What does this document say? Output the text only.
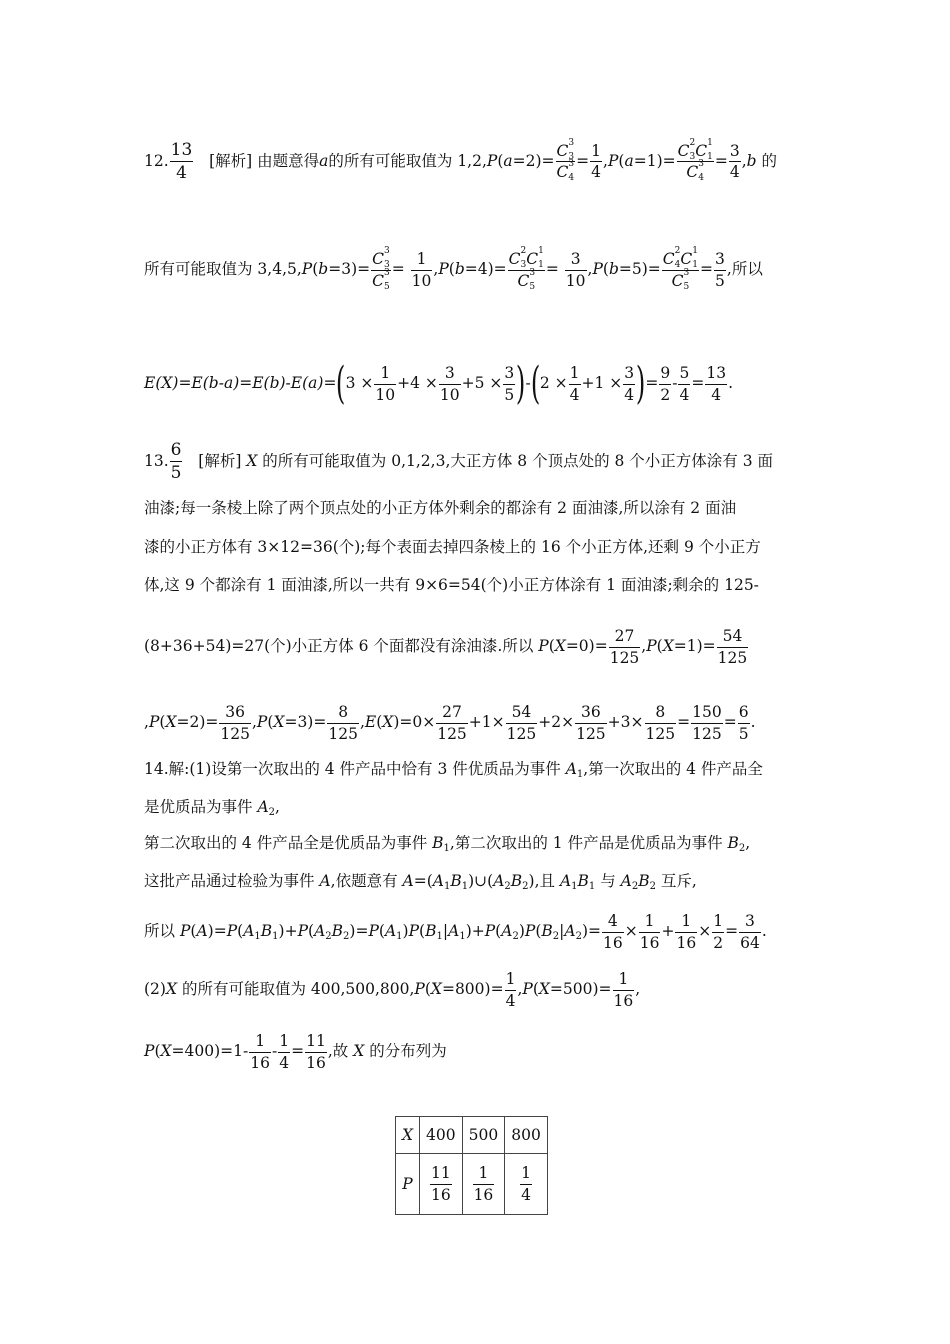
12. $\frac{13}{4}$ [解析] 由题意得a的所有可能取值为 1,2,P(a=2)= C 3
3
C 3
$4 = \frac{1}{4} ,P(a=1)= C$ 2
3 C 1
1
C 3
$4 = \frac{3}{4} ,b$ 的
所有可能取值为 3,4,5,P(b=3)= C 3
3
C 3
$5 = \frac{1}{10} ,P(b=4)= C$ 2
3 C 1
1
C 3
$5 = \frac{3}{10} ,P(b=5)= C$ 2
4 C 1
1
C 3
$5 = \frac{3}{5}$ ,所以
$E(X)=E(b-a)=E(b)-E(a)=(3 \times \frac{1}{10} +4 \times \frac{3}{10} +5 \times \frac{3}{5} )-(2 \times \frac{1}{4} +1 \times \frac{3}{4}$ )= $\frac{9}{2} - \frac{5}{4} = \frac{13}{4}$ .
13. $\frac{6}{5}$ [解析] X 的所有可能取值为 0,1,2,3,大正方体 8 个顶点处的 8 个小正方体涂有 3 面
油漆;每一条棱上除了两个顶点处的小正方体外剩余的都涂有 2 面油漆,所以涂有 2 面油
漆的小正方体有 3×12=36(个);每个表面去掉四条棱上的 16 个小正方体,还剩 9 个小正方
体,这 9 个都涂有 1 面油漆,所以一共有 9×6=54(个)小正方体涂有 1 面油漆;剩余的 125-
(8+36+54)=27(个)小正方体 6 个面都没有涂油漆.所以 $P(X=0)= \frac{27}{125} ,P(X=1)= \frac{54}{125}$
$,P(X=2)= \frac{36}{125} ,P(X=3)= \frac{8}{125} ,E(X)=0\times \frac{27}{125} +1\times \frac{54}{125} +2\times \frac{36}{125} +3\times \frac{8}{125} = \frac{150}{125} = \frac{6}{5}$ .
14.解:(1)设第一次取出的 4 件产品中恰有 3 件优质品为事件 $A_1$,第一次取出的 4 件产品全
是优质品为事件 $A_2$,
第二次取出的 4 件产品全是优质品为事件 $B_1$,第二次取出的 1 件产品是优质品为事件 $B_2$,
这批产品通过检验为事件 A,依题意有 $A=(A_1B_1)\cup(A_2B_2)$,且 $A_1B_1$ 与 $A_2B_2$ 互斥,
所以 $P(A)=P(A_1B_1)+P(A_2B_2)=P(A_1)P(B_1|A_1)+P(A_2)P(B_2|A_2)= \frac{4}{16} \times \frac{1}{16} + \frac{1}{16} \times \frac{1}{2} = \frac{3}{64}$ .
(2)X 的所有可能取值为 $400,500,800,P(X=800)= \frac{1}{4} ,P(X=500)= \frac{1}{16}$ ,
$P(X=400)=1- \frac{1}{16} - \frac{1}{4} = \frac{11}{16}$ ,故 X 的分布列为
X	400	500	800
P	$\frac{11}{16}$	$\frac{1}{16}$	$\frac{1}{4}$
